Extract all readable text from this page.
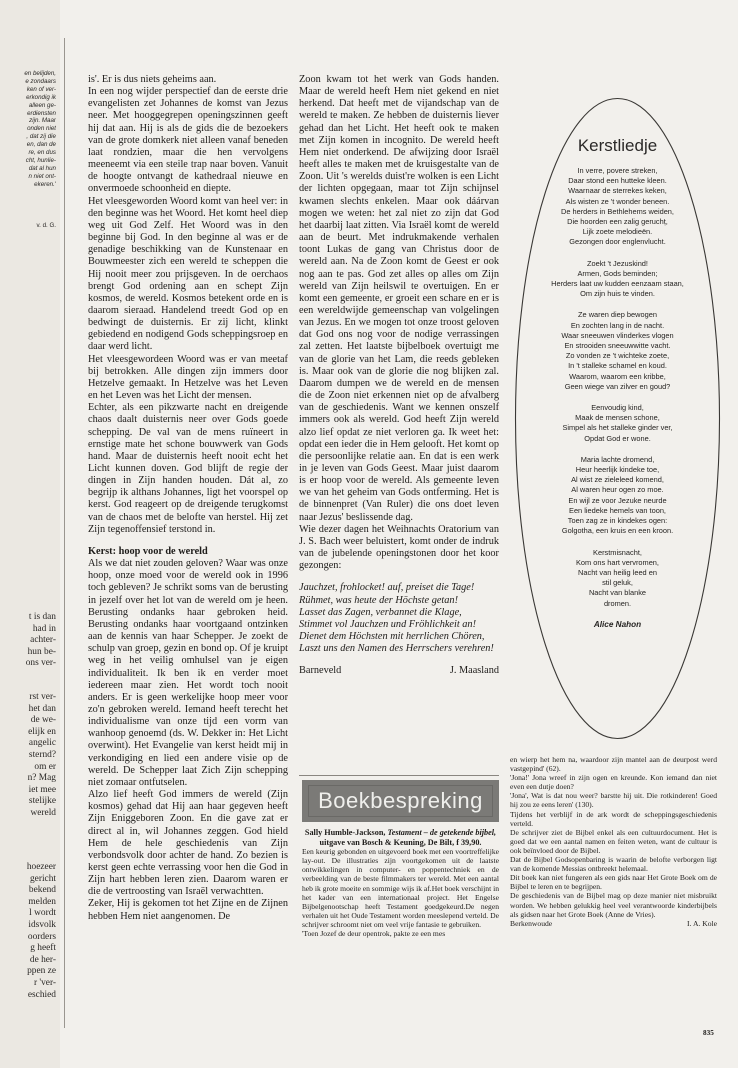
en belijden,
e zondaars
ken of ver-
erkondig ik
alleen ge-
erdiensten
zijn. Maar
onden niet
, dat zij die
en, dan de
re, en dus
cht, hunlie-
dat al hun
n niet ont-
ekeren.'
v. d. G.
t is dan
had in
achter-
hun be-
ons ver-
rst ver-
het dan
de we-
elijk en
angelic
sternd?
om er
n? Mag
iet mee
stelijke
wereld
hoezeer
gericht
bekend
melden
l wordt
idsvolk
oorders
g heeft
de her-
ppen ze
r 'ver-
eschied

is'. Er is dus niets geheims aan.

In een nog wijder perspectief dan de eerste drie evangelisten zet Johannes de komst van Jezus neer. Met hooggegrepen openingszinnen geeft hij dat aan. Hij is als de gids die de bezoekers van de grote domkerk niet alleen vanaf beneden laat rondzien, maar die hen vervolgens meeneemt via een steile trap naar boven. Vanuit de hoogte ontvangt de kathedraal nieuwe en onvermoede schoonheid en diepte.

Het vleesgeworden Woord komt van heel ver: in den beginne was het Woord. Het komt heel diep weg uit God Zelf. Het Woord was in den beginne bij God. In den beginne al was er de genadige beschikking van de Kunstenaar en Bouwmeester zich een wereld te scheppen die Hij nooit meer zou prijsgeven. In de oerchaos brengt God ordening aan en schept Zijn kosmos, de wereld. Kosmos betekent orde en is daarom sieraad. Handelend treedt God op en bedwingt de duisternis. Er zij licht, klinkt gebiedend en nodigend Gods scheppingsroep en daar werd licht.

Het vleesgewordeen Woord was er van meetaf bij betrokken. Alle dingen zijn immers door Hetzelve gemaakt. In Hetzelve was het Leven en het Leven was het Licht der mensen.

Echter, als een pikzwarte nacht en dreigende chaos daalt duisternis neer over Gods goede schepping. De val van de mens ruïneert in ernstige mate het schone bouwwerk van Gods hand. Maar de duisternis heeft nooit echt het Licht kunnen doven. God blijft de regie der dingen in Zijn handen houden. Dát al, zo begrijp ik althans Johannes, ligt het voorspel op kerst. God reageert op de dreigende terugkomst van de chaos met de belofte van herstel. Hij zet Zijn tegenoffensief terstond in.

Kerst: hoop voor de wereld

Als we dat niet zouden geloven? Waar was onze hoop, onze moed voor de wereld ook in 1996 toch gebleven? Je schrikt soms van de berusting in jezelf over het lot van de wereld om je heen. Berusting ondanks haar gebroken heid. Berusting ondanks haar voortgaand ontzinken aan de kennis van haar Schepper. Je zoekt de schulp van groep, gezin en bond op. Of je kruipt weg in het veilig omhulsel van je eigen individualiteit. Ik ben ik en verder moet iedereen maar zien. Het wordt toch nooit anders. Er is geen werkelijke hoop meer voor zo'n gebroken wereld. Iemand heeft terecht het individualisme van onze tijd een vorm van wanhoop genoemd (ds. W. Dekker in: Het Licht overwint). Het Evangelie van kerst heidt mij in verkondiging en lied een andere visie op de wereld. De Schepper laat Zich Zijn schepping niet zomaar ontfutselen.

Alzo lief heeft God immers de wereld (Zijn kosmos) gehad dat Hij aan haar gegeven heeft Zijn Eniggeboren Zoon. En die gave zat er direct al in, wil Johannes zeggen. God hield Hem de hele geschiedenis van Zijn verbondsvolk door achter de hand. Zo bezien is kerst geen echte verrassing voor hen die God in Zijn hart hebben leren zien. Daarom waren er die de vertroosting van Israël verwachtten.

Zeker, Hij is gekomen tot het Zijne en de Zijnen hebben Hem niet aangenomen. De

Zoon kwam tot het werk van Gods handen. Maar de wereld heeft Hem niet gekend en niet herkend. Dat heeft met de vijandschap van de wereld te maken. Ze hebben de duisternis liever gehad dan het Licht. Het heeft ook te maken met Zijn komen in incognito. De wereld heeft Hem niet onderkend. De afwijzing door Israël heeft alles te maken met de kruisgestalte van de Zoon. Uit 's werelds duist're wolken is een Licht der lichten opgegaan, maar tot Zijn schijnsel kwamen slechts enkelen. Maar ook dáárvan mogen we weten: het zal niet zo zijn dat God het daarbij laat zitten. Via Israël komt de wereld aan de beurt. Met indrukmakende verhalen toont Lukas de gang van Christus door de wereld aan. Na de Zoon komt de Geest er ook nog aan te pas. God zet alles op alles om Zijn wereld van Zijn heilswil te overtuigen. En er komt een gemeente, er groeit een schare en er is een wereldwijde gemeenschap van volgelingen van Jezus. En we mogen tot onze troost geloven dat God ons nog voor de nodige verrassingen zal zetten. Het laatste bijbelboek overtuigt me van de glorie van het Lam, die reeds gebleken is. Maar ook van de glorie die nog blijken zal. Daarom dumpen we de wereld en de mensen die de Zoon niet erkennen niet op de afvalberg van de geschiedenis. Want we kennen onszelf immers ook als wereld. God heeft Zijn wereld alzo lief opdat ze niet verloren ga. Ik weet het: opdat een ieder die in Hem gelooft. Het komt op die persoonlijke relatie aan. En dat is een werk in je leven van Gods Geest. Maar juist daarom is er hoop voor de wereld. Als gemeente leven we van het geheim van Gods ontferming. Het is de binnenpret (Van Ruler) die ons doet leven naar Jezus' beslissende dag.

Wie dezer dagen het Weihnachts Oratorium van J. S. Bach weer beluistert, komt onder de indruk van de jubelende openingstonen door het koor gezongen:

Jauchzet, frohlocket! auf, preiset die Tage!
Rühmet, was heute der Höchste getan!
Lasset das Zagen, verbannet die Klage,
Stimmet vol Jauchzen und Fröhlichkeit an!
Dienet dem Höchsten mit herrlichen Chören,
Laszt uns den Namen des Herrschers verehren!
Barneveld	J. Maasland
Boekbespreking
Sally Humble-Jackson, Testament – de getekende bijbel, uitgave van Bosch & Keuning, De Bilt, f 39,90.

Een keurig gebonden en uitgevoerd boek met een voortreffelijke lay-out. De illustraties zijn voortgekomen uit de laatste ontwikkelingen in computer- en poppentechniek en de verbeelding van de beste filmmakers ter wereld. Met een aantal heb ik grote moeite en sommige wijs ik af.Het boek verschijnt in het kader van een internationaal project. Het Engelse Bijbelgenootschap heeft Testament goedgekeurd.De negen verhalen uit het Oude Testament worden meeslepend verteld. De schrijver schroomt niet om veel vrije fantasie te gebruiken.

'Toen Jozef de deur opentrok, pakte ze een mes

en wierp het hem na, waardoor zijn mantel aan de deurpost werd vastgepind' (62).

'Jona!' Jona wreef in zijn ogen en kreunde. Kon iemand dan niet even een dutje doen?

'Jona', Wat is dat nou weer? barstte hij uit. Die rotkinderen! Goed hij zou ze eens leren' (130).

Tijdens het verblijf in de ark wordt de scheppingsgeschiedenis verteld.

De schrijver ziet de Bijbel enkel als een cultuurdocument. Het is goed dat we een aantal namen en feiten weten, want de cultuur is ook beïnvloed door de Bijbel.

Dat de Bijbel Godsopenbaring is waarin de belofte verborgen ligt van de komende Messias ontbreekt helemaal.

Dit boek kan niet fungeren als een gids naar Het Grote Boek om de Bijbel te leren en te begrijpen.

De geschiedenis van de Bijbel mag op deze manier niet misbruikt worden. We hebben gelukkig heel veel verantwoorde kinderbijbels als gidsen naar het Grote Boek (Anne de Vries).

Berkenwoude	I. A. Kole
Kerstliedje
In verre, povere streken,
Daar stond een hutteke kleen.
Waarnaar de sterrekes keken,
Als wisten ze 't wonder beneen.
De herders in Bethlehems weiden,
Die hoorden een zalig geruchț,
Lijk zoete melodieën.
Gezongen door englenvlucht.
Zoekt 't Jezuskind!
Armen, Gods beminden;
Herders laat uw kudden eenzaam staan,
Om zijn huis te vinden.
Ze waren diep bewogen
En zochten lang in de nacht.
Waar sneeuwen vlinderkes vlogen
En strooiden sneeuwwitte vacht.
Zo vonden ze 't wichteke zoete,
In 't stalleke schamel en koud.
Waarom, waarom een kribbe,
Geen wiege van zilver en goud?
Eenvoudig kind,
Maak de mensen schone,
Simpel als het stalleke ginder ver,
Opdat God er wone.
Maria lachte dromend,
Heur heerlijk kindeke toe,
Al wist ze zieleleed komend,
Al waren heur ogen zo moe.
En wijl ze voor Jezuke neurde
Een liedeke hemels van toon,
Toen zag ze in kindekes ogen:
Golgotha, een kruis en een kroon.
Kerstmisnacht,
Kom ons hart vervromen,
Nacht van heilig leed en
stil geluk,
Nacht van blanke
dromen.
Alice Nahon
835
